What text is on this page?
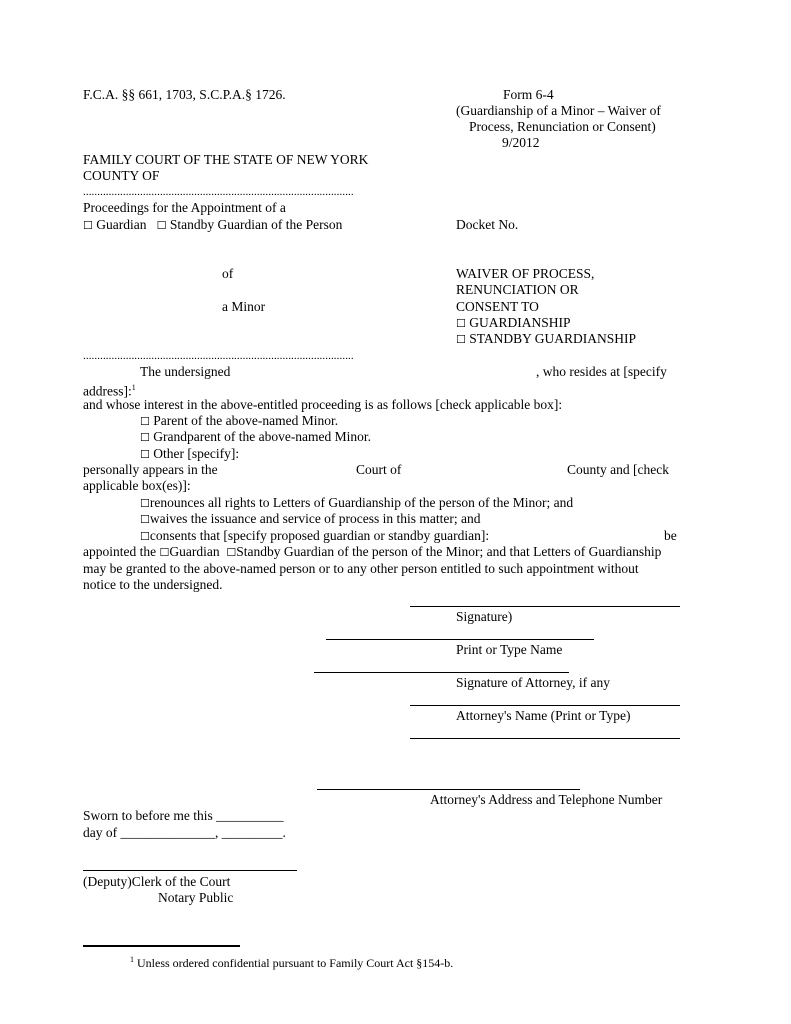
F.C.A. §§ 661, 1703, S.C.P.A.§ 1726.	Form 6-4
(Guardianship of a Minor – Waiver of
Process, Renunciation or Consent)
9/2012
FAMILY COURT OF THE STATE OF NEW YORK
COUNTY OF
...............................................................................................
Proceedings for the Appointment of a
☐ Guardian ☐ Standby Guardian of the Person	Docket No.
of
a Minor
WAIVER OF PROCESS,
RENUNCIATION OR
CONSENT TO
☐ GUARDIANSHIP
☐ STANDBY GUARDIANSHIP
...............................................................................................
The undersigned	, who resides at [specify
address]:$^1$
and whose interest in the above-entitled proceeding is as follows [check applicable box]:
☐ Parent of the above-named Minor.
☐ Grandparent of the above-named Minor.
☐ Other [specify]:
personally appears in the	Court of	County and [check
applicable box(es)]:
☐renounces all rights to Letters of Guardianship of the person of the Minor; and
☐waives the issuance and service of process in this matter; and
☐consents that [specify proposed guardian or standby guardian]:	be
appointed the ☐Guardian ☐Standby Guardian of the person of the Minor; and that Letters of Guardianship
may be granted to the above-named person or to any other person entitled to such appointment without
notice to the undersigned.
Signature)
Print or Type Name
Signature of Attorney, if any
Attorney's Name (Print or Type)
Attorney's Address and Telephone Number
Sworn to before me this __________
day of ______________, _________.
(Deputy)Clerk of the Court
Notary Public
$^1$ Unless ordered confidential pursuant to Family Court Act §154-b.
